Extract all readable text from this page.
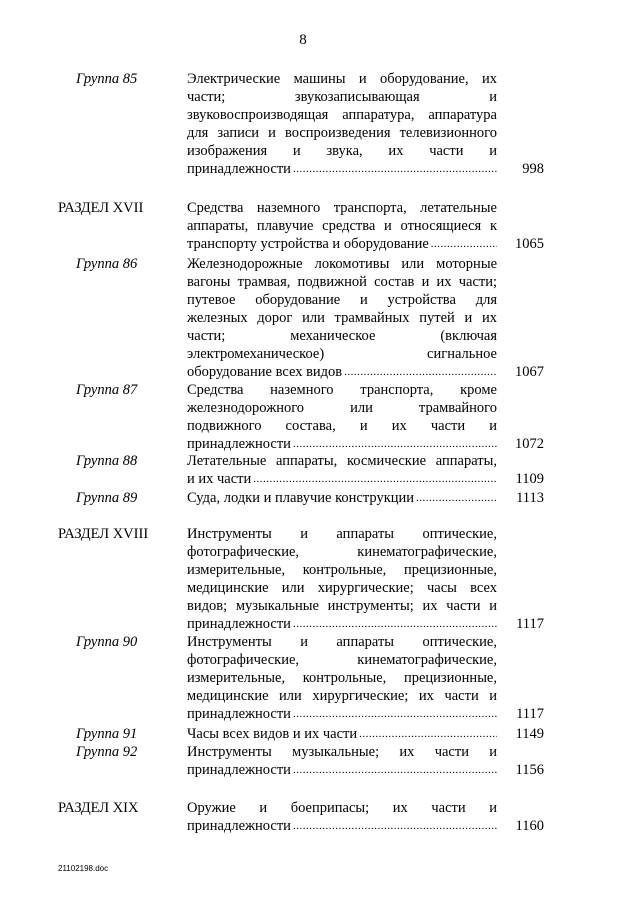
8
Группа 85	Электрические машины и оборудование, их
части; звукозаписывающая и
звуковоспроизводящая аппаратура, аппаратура
для записи и воспроизведения телевизионного
изображения и звука, их части и
принадлежности .....	998
РАЗДЕЛ XVII	Средства наземного транспорта, летательные
аппараты, плавучие средства и относящиеся к
транспорту устройства и оборудование .....	1065
Группа 86	Железнодорожные локомотивы или моторные
вагоны трамвая, подвижной состав и их части;
путевое оборудование и устройства для
железных дорог или трамвайных путей и их
части; механическое (включая
электромеханическое) сигнальное
оборудование всех видов .....	1067
Группа 87	Средства наземного транспорта, кроме
железнодорожного или трамвайного
подвижного состава, и их части и
принадлежности .....	1072
Группа 88	Летательные аппараты, космические аппараты,
и их части .....	1109
Группа 89	Суда, лодки и плавучие конструкции .....	1113
РАЗДЕЛ XVIII	Инструменты и аппараты оптические,
фотографические, кинематографические,
измерительные, контрольные, прецизионные,
медицинские или хирургические; часы всех
видов; музыкальные инструменты; их части и
принадлежности .....	1117
Группа 90	Инструменты и аппараты оптические,
фотографические, кинематографические,
измерительные, контрольные, прецизионные,
медицинские или хирургические; их части и
принадлежности .....	1117
Группа 91	Часы всех видов и их части .....	1149
Группа 92	Инструменты музыкальные; их части и
принадлежности .....	1156
РАЗДЕЛ XIX	Оружие и боеприпасы; их части и
принадлежности .....	1160
21102198.doc
